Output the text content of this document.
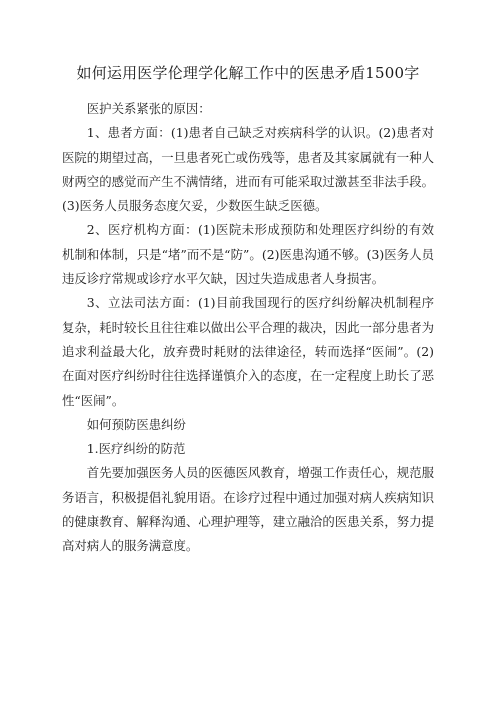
如何运用医学伦理学化解工作中的医患矛盾1500字

医护关系紧张的原因：

1、患者方面：(1)患者自己缺乏对疾病科学的认识。(2)患者对医院的期望过高，一旦患者死亡或伤残等，患者及其家属就有一种人财两空的感觉而产生不满情绪，进而有可能采取过激甚至非法手段。(3)医务人员服务态度欠妥，少数医生缺乏医德。

2、医疗机构方面：(1)医院未形成预防和处理医疗纠纷的有效机制和体制，只是“堵”而不是“防”。(2)医患沟通不够。(3)医务人员违反诊疗常规或诊疗水平欠缺，因过失造成患者人身损害。

3、立法司法方面：(1)目前我国现行的医疗纠纷解决机制程序复杂，耗时较长且往往难以做出公平合理的裁决，因此一部分患者为追求利益最大化，放弃费时耗财的法律途径，转而选择“医闹”。(2)在面对医疗纠纷时往往选择谨慎介入的态度，在一定程度上助长了恶性“医闹”。

如何预防医患纠纷

1.医疗纠纷的防范

首先要加强医务人员的医德医风教育，增强工作责任心，规范服务语言，积极提倡礼貌用语。在诊疗过程中通过加强对病人疾病知识的健康教育、解释沟通、心理护理等，建立融洽的医患关系，努力提高对病人的服务满意度。
